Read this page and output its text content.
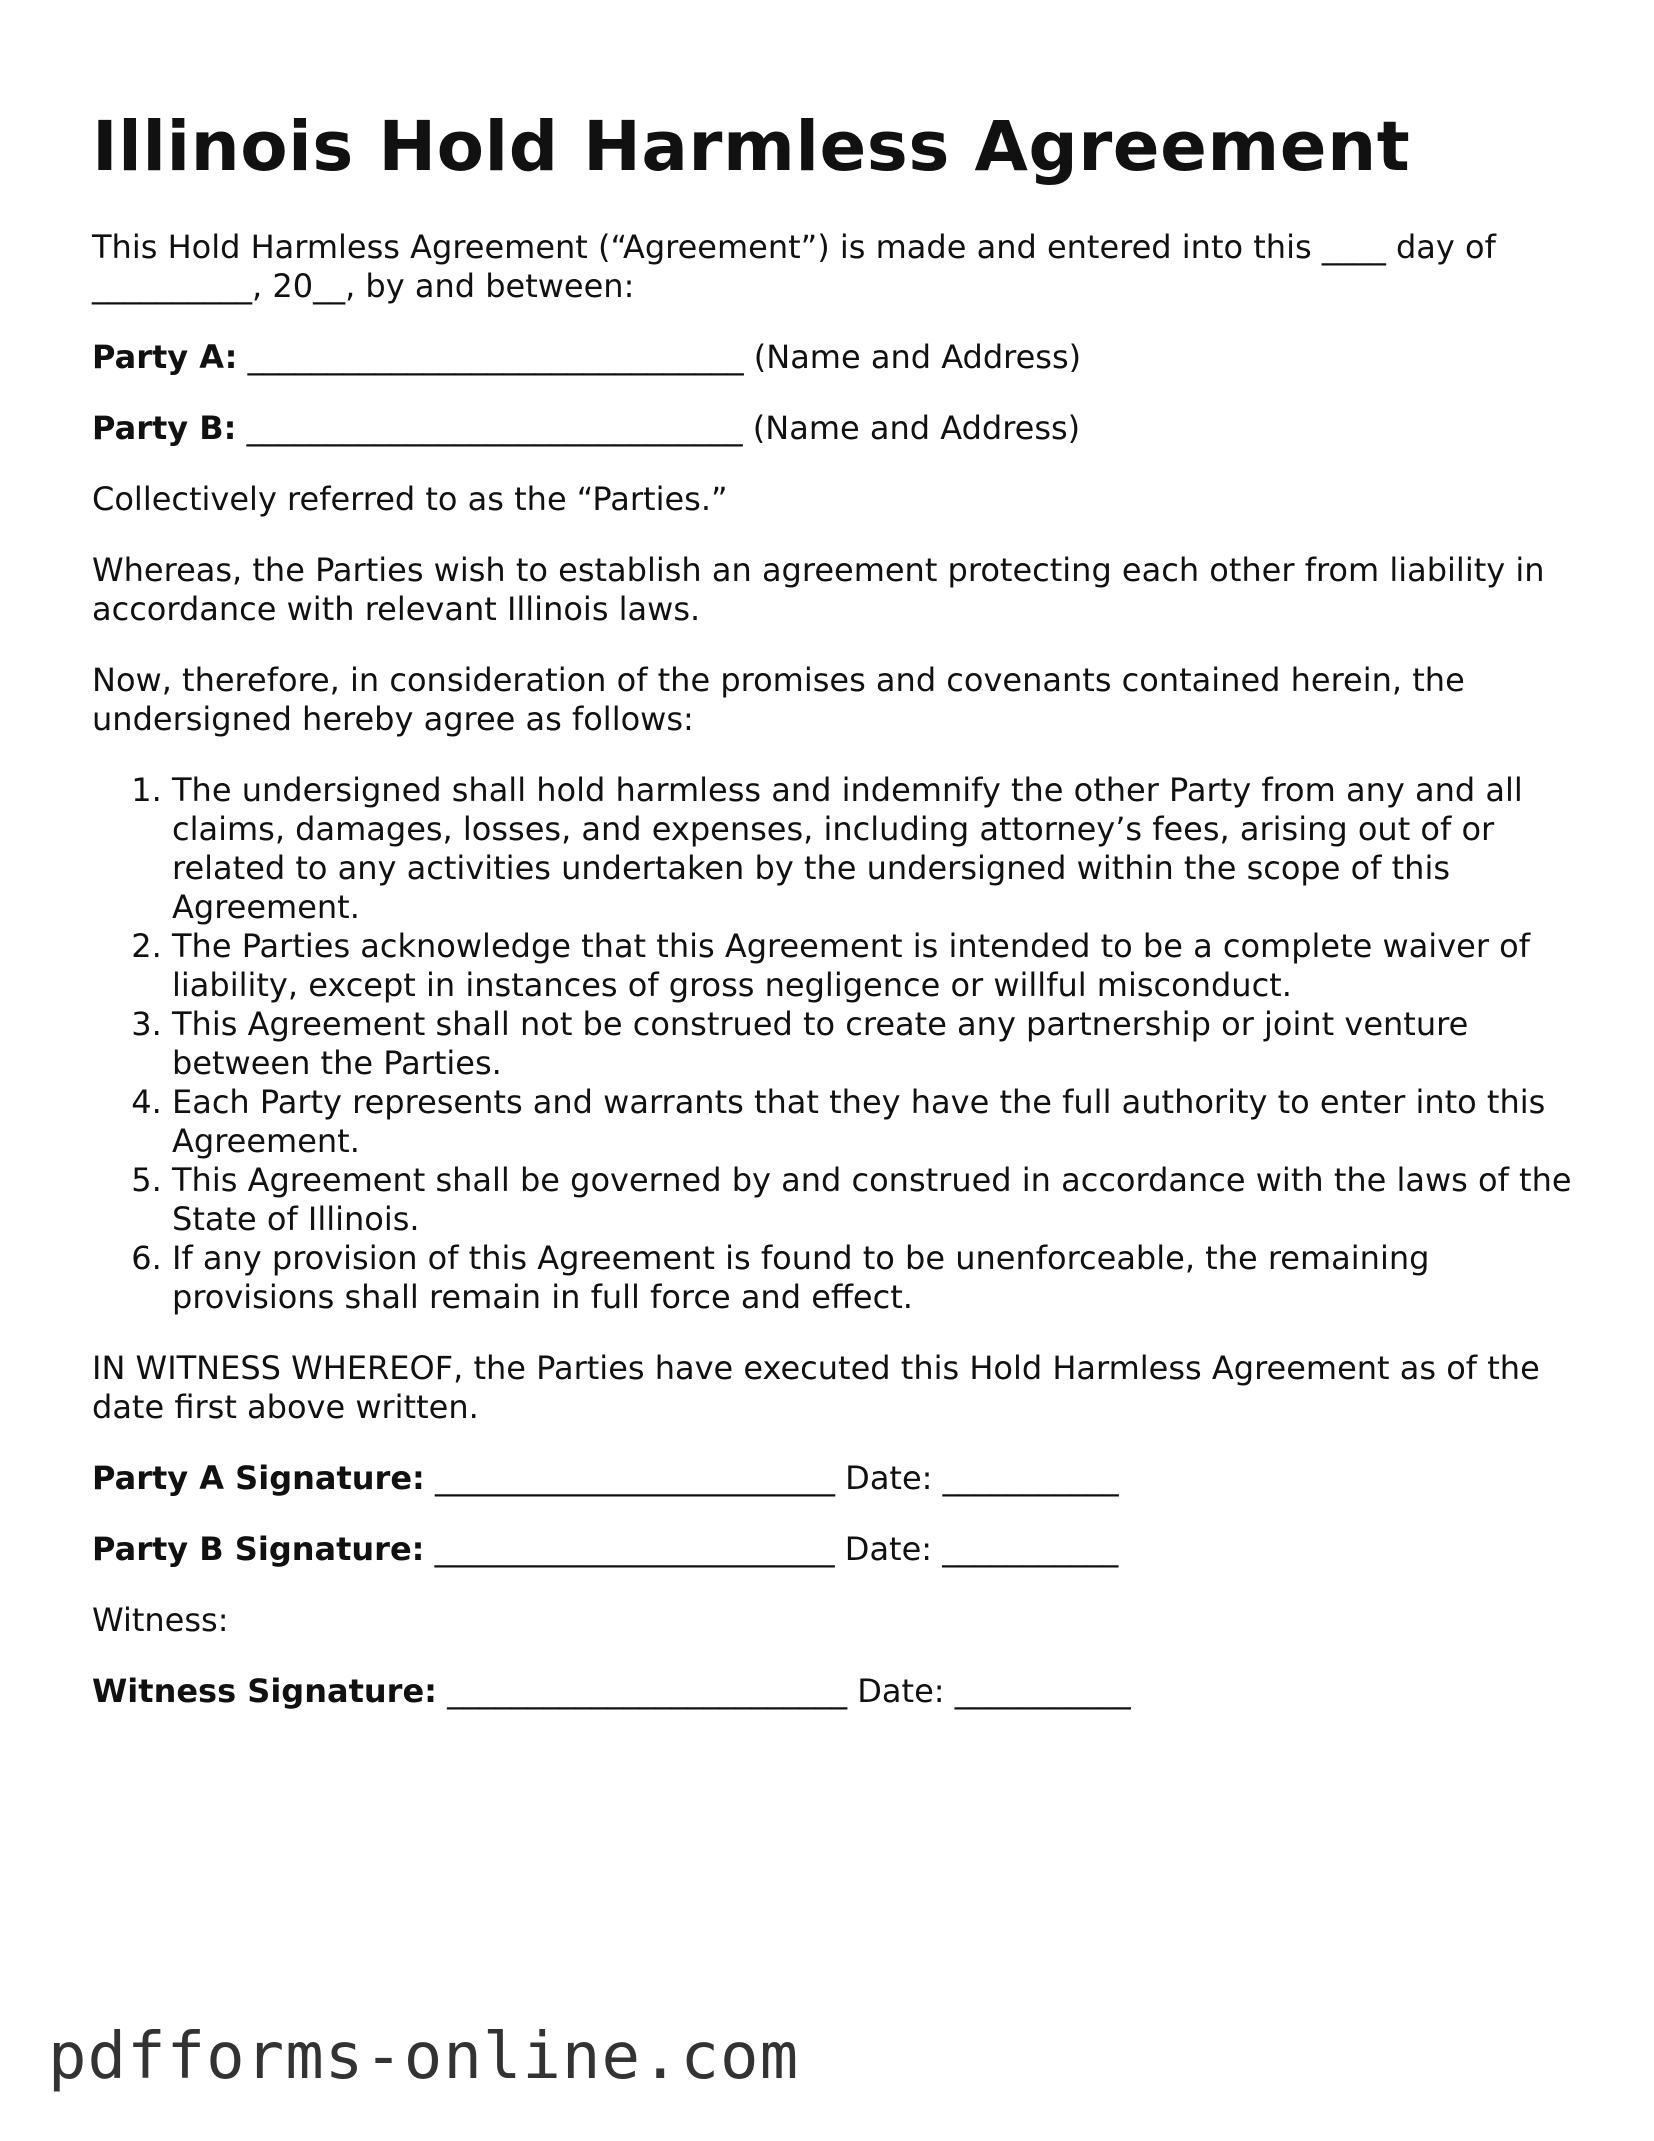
Illinois Hold Harmless Agreement

This Hold Harmless Agreement (“Agreement”) is made and entered into this ____ day of __________, 20__, by and between:

Party A: _______________________________ (Name and Address)

Party B: _______________________________ (Name and Address)

Collectively referred to as the “Parties.”

Whereas, the Parties wish to establish an agreement protecting each other from liability in accordance with relevant Illinois laws.

Now, therefore, in consideration of the promises and covenants contained herein, the undersigned hereby agree as follows:

1. The undersigned shall hold harmless and indemnify the other Party from any and all claims, damages, losses, and expenses, including attorney’s fees, arising out of or related to any activities undertaken by the undersigned within the scope of this Agreement.
2. The Parties acknowledge that this Agreement is intended to be a complete waiver of liability, except in instances of gross negligence or willful misconduct.
3. This Agreement shall not be construed to create any partnership or joint venture between the Parties.
4. Each Party represents and warrants that they have the full authority to enter into this Agreement.
5. This Agreement shall be governed by and construed in accordance with the laws of the State of Illinois.
6. If any provision of this Agreement is found to be unenforceable, the remaining provisions shall remain in full force and effect.

IN WITNESS WHEREOF, the Parties have executed this Hold Harmless Agreement as of the date first above written.

Party A Signature: _________________________ Date: ___________

Party B Signature: _________________________ Date: ___________

Witness:

Witness Signature: _________________________ Date: ___________

pdfforms-online.com
